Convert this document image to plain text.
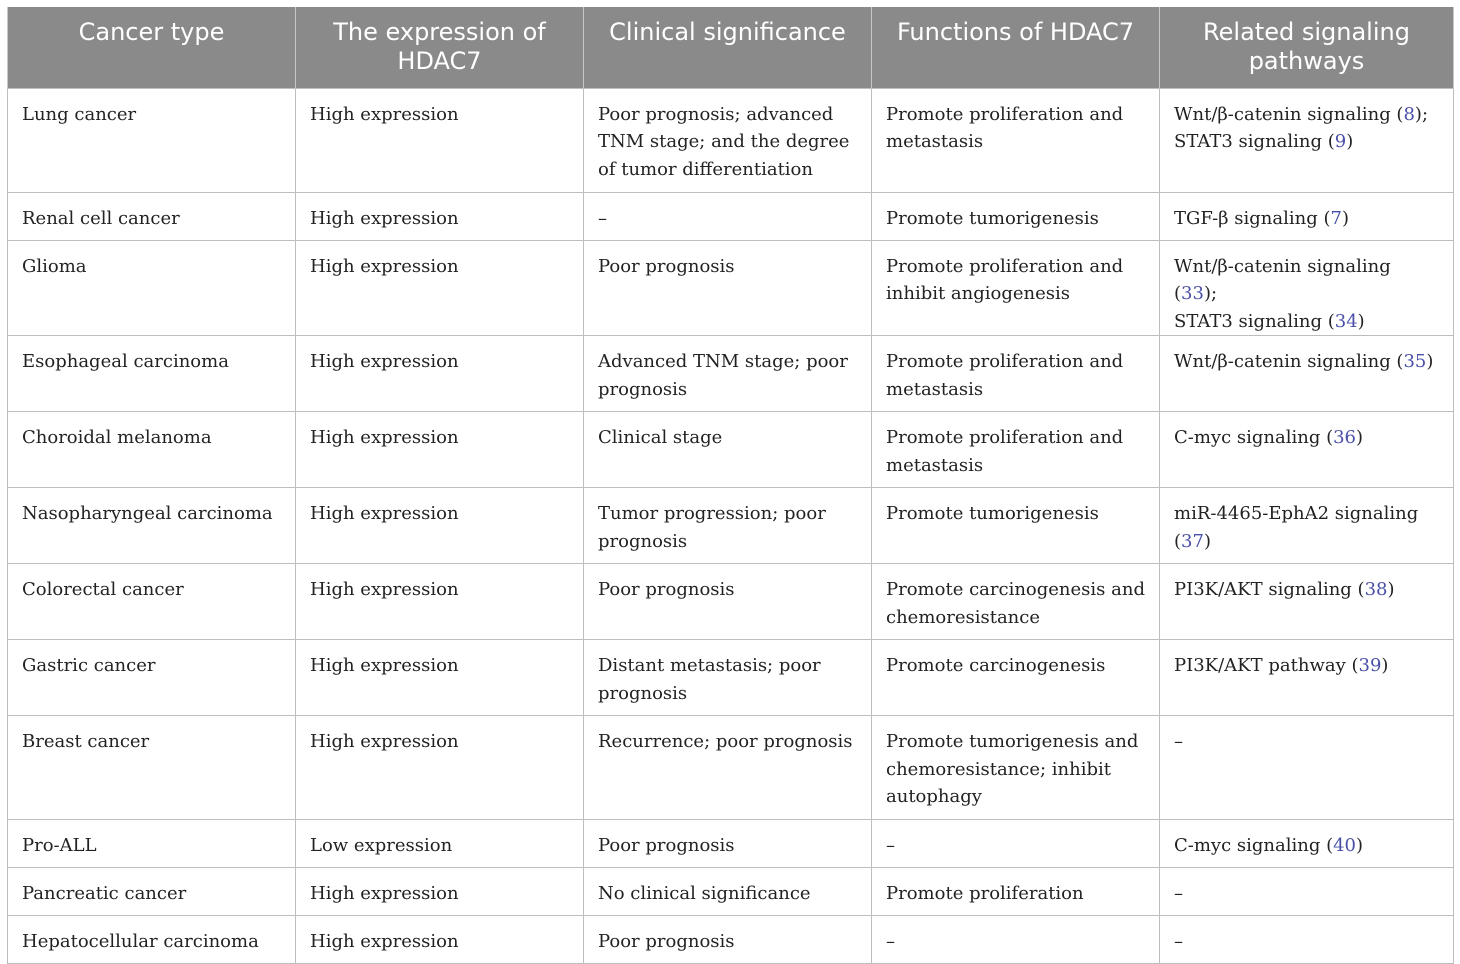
Cancer type	The expression of HDAC7	Clinical significance	Functions of HDAC7	Related signaling pathways
Lung cancer	High expression	Poor prognosis; advanced TNM stage; and the degree of tumor differentiation	Promote proliferation and metastasis	Wnt/β-catenin signaling (8);
STAT3 signaling (9)
Renal cell cancer	High expression	–	Promote tumorigenesis	TGF-β signaling (7)
Glioma	High expression	Poor prognosis	Promote proliferation and inhibit angiogenesis	Wnt/β-catenin signaling (33);
STAT3 signaling (34)
Esophageal carcinoma	High expression	Advanced TNM stage; poor prognosis	Promote proliferation and metastasis	Wnt/β-catenin signaling (35)
Choroidal melanoma	High expression	Clinical stage	Promote proliferation and metastasis	C-myc signaling (36)
Nasopharyngeal carcinoma	High expression	Tumor progression; poor prognosis	Promote tumorigenesis	miR-4465-EphA2 signaling (37)
Colorectal cancer	High expression	Poor prognosis	Promote carcinogenesis and chemoresistance	PI3K/AKT signaling (38)
Gastric cancer	High expression	Distant metastasis; poor prognosis	Promote carcinogenesis	PI3K/AKT pathway (39)
Breast cancer	High expression	Recurrence; poor prognosis	Promote tumorigenesis and chemoresistance; inhibit autophagy	–
Pro-ALL	Low expression	Poor prognosis	–	C-myc signaling (40)
Pancreatic cancer	High expression	No clinical significance	Promote proliferation	–
Hepatocellular carcinoma	High expression	Poor prognosis	–	–
